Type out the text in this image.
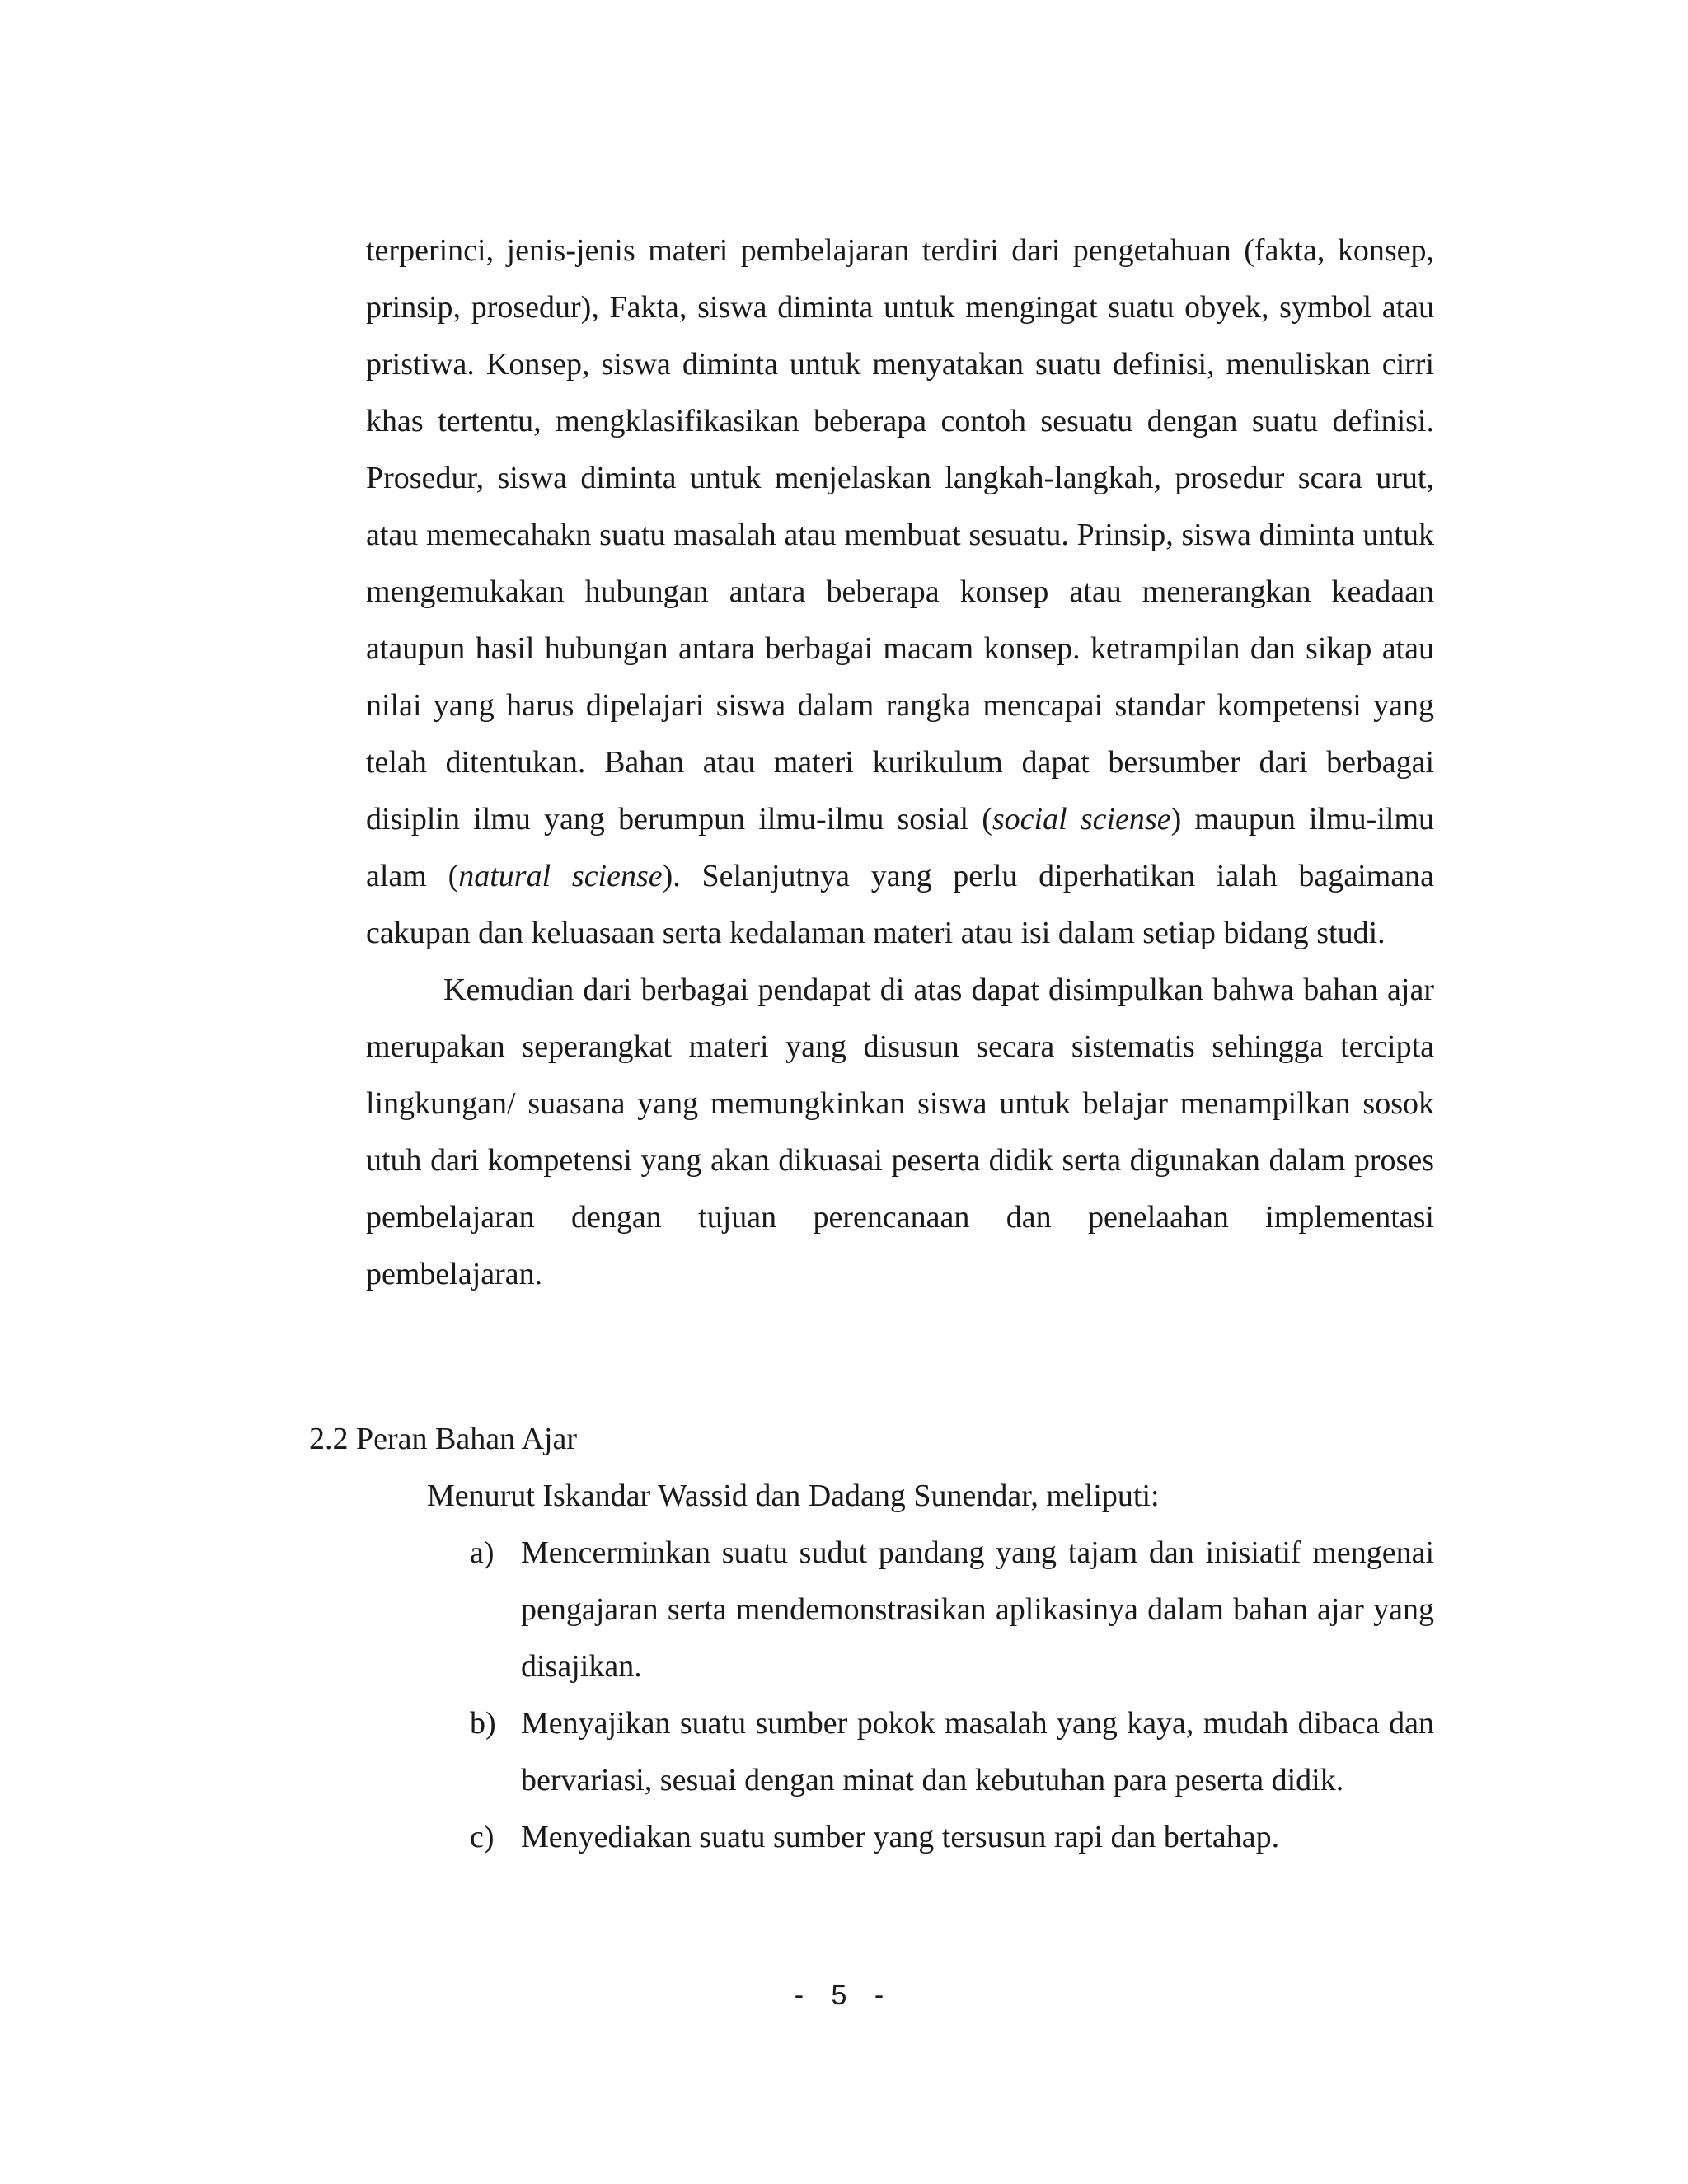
terperinci, jenis-jenis materi pembelajaran terdiri dari pengetahuan (fakta, konsep, prinsip, prosedur), Fakta, siswa diminta untuk mengingat suatu obyek, symbol atau pristiwa. Konsep, siswa diminta untuk menyatakan suatu definisi, menuliskan cirri khas tertentu, mengklasifikasikan beberapa contoh sesuatu dengan suatu definisi. Prosedur, siswa diminta untuk menjelaskan langkah-langkah, prosedur scara urut, atau memecahakn suatu masalah atau membuat sesuatu. Prinsip, siswa diminta untuk mengemukakan hubungan antara beberapa konsep atau menerangkan keadaan ataupun hasil hubungan antara berbagai macam konsep. ketrampilan dan sikap atau nilai yang harus dipelajari siswa dalam rangka mencapai standar kompetensi yang telah ditentukan. Bahan atau materi kurikulum dapat bersumber dari berbagai disiplin ilmu yang berumpun ilmu-ilmu sosial (social sciense) maupun ilmu-ilmu alam (natural sciense). Selanjutnya yang perlu diperhatikan ialah bagaimana cakupan dan keluasaan serta kedalaman materi atau isi dalam setiap bidang studi.

Kemudian dari berbagai pendapat di atas dapat disimpulkan bahwa bahan ajar merupakan seperangkat materi yang disusun secara sistematis sehingga tercipta lingkungan/ suasana yang memungkinkan siswa untuk belajar menampilkan sosok utuh dari kompetensi yang akan dikuasai peserta didik serta digunakan dalam proses pembelajaran dengan tujuan perencanaan dan penelaahan implementasi pembelajaran.

2.2 Peran Bahan Ajar

Menurut Iskandar Wassid dan Dadang Sunendar, meliputi:

a) Mencerminkan suatu sudut pandang yang tajam dan inisiatif mengenai pengajaran serta mendemonstrasikan aplikasinya dalam bahan ajar yang disajikan.
b) Menyajikan suatu sumber pokok masalah yang kaya, mudah dibaca dan bervariasi, sesuai dengan minat dan kebutuhan para peserta didik.
c) Menyediakan suatu sumber yang tersusun rapi dan bertahap.
- 5 -
